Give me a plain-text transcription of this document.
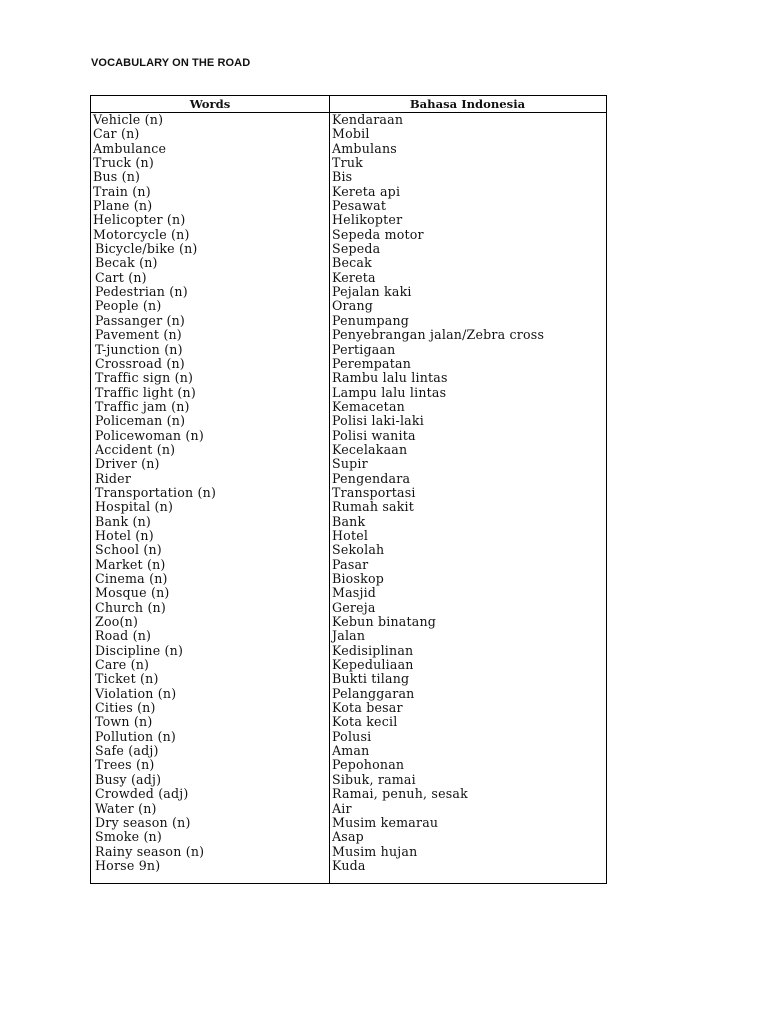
VOCABULARY ON THE ROAD
Words	Bahasa Indonesia
Vehicle (n)	Kendaraan
Car (n)	Mobil
Ambulance	Ambulans
Truck (n)	Truk
Bus (n)	Bis
Train (n)	Kereta api
Plane (n)	Pesawat
Helicopter (n)	Helikopter
Motorcycle (n)	Sepeda motor
Bicycle/bike (n)	Sepeda
Becak (n)	Becak
Cart (n)	Kereta
Pedestrian (n)	Pejalan kaki
People (n)	Orang
Passanger (n)	Penumpang
Pavement (n)	Penyebrangan jalan/Zebra cross
T-junction (n)	Pertigaan
Crossroad (n)	Perempatan
Traffic sign (n)	Rambu lalu lintas
Traffic light (n)	Lampu lalu lintas
Traffic jam (n)	Kemacetan
Policeman (n)	Polisi laki-laki
Policewoman (n)	Polisi wanita
Accident (n)	Kecelakaan
Driver (n)	Supir
Rider	Pengendara
Transportation (n)	Transportasi
Hospital (n)	Rumah sakit
Bank (n)	Bank
Hotel (n)	Hotel
School (n)	Sekolah
Market (n)	Pasar
Cinema (n)	Bioskop
Mosque (n)	Masjid
Church (n)	Gereja
Zoo(n)	Kebun binatang
Road (n)	Jalan
Discipline (n)	Kedisiplinan
Care (n)	Kepeduliaan
Ticket (n)	Bukti tilang
Violation (n)	Pelanggaran
Cities (n)	Kota besar
Town (n)	Kota kecil
Pollution (n)	Polusi
Safe (adj)	Aman
Trees (n)	Pepohonan
Busy (adj)	Sibuk, ramai
Crowded (adj)	Ramai, penuh, sesak
Water (n)	Air
Dry season (n)	Musim kemarau
Smoke (n)	Asap
Rainy season (n)	Musim hujan
Horse 9n)	Kuda
